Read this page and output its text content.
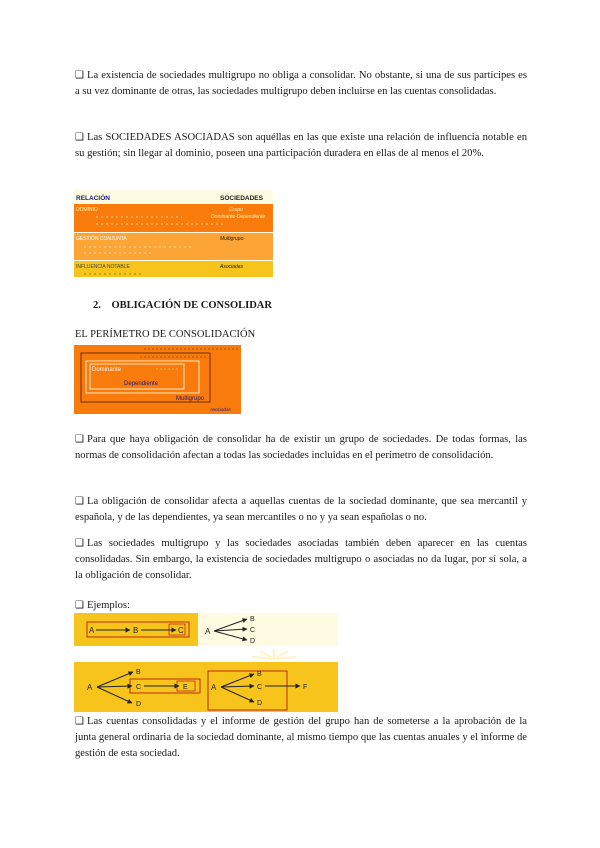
❑ La existencia de sociedades multigrupo no obliga a consolidar. No obstante, si una de sus partícipes es a su vez dominante de otras, las sociedades multigrupo deben incluirse en las cuentas consolidadas.

❑ Las SOCIEDADES ASOCIADAS son aquéllas en las que existe una relación de influencia notable en su gestión; sin llegar al dominio, poseen una participación duradera en ellas de al menos el 20%.

RELACIÓN	SOCIEDADES
DOMINIO	Grupo
Dominante-Dependiente
GESTIÓN CONJUNTA	Multigrupo
INFLUENCIA NOTABLE	Asociadas
2. OBLIGACIÓN DE CONSOLIDAR
EL PERÍMETRO DE CONSOLIDACIÓN
Dominante
Dependiente
Multigrupo
Asociadas

❑ Para que haya obligación de consolidar ha de existir un grupo de sociedades. De todas formas, las normas de consolidación afectan a todas las sociedades incluidas en el perímetro de consolidación.

❑ La obligación de consolidar afecta a aquellas cuentas de la sociedad dominante, que sea mercantil y española, y de las dependientes, ya sean mercantiles o no y ya sean españolas o no.

❑ Las sociedades multigrupo y las sociedades asociadas también deben aparecer en las cuentas consolidadas. Sin embargo, la existencia de sociedades multigrupo o asociadas no da lugar, por sí sola, a la obligación de consolidar.

❑ Ejemplos:

A	B	C	A
B
C
D
A
B
C
D
E	A
B
C
D
F

❑ Las cuentas consolidadas y el informe de gestión del grupo han de someterse a la aprobación de la junta general ordinaria de la sociedad dominante, al mismo tiempo que las cuentas anuales y el informe de gestión de esta sociedad.
